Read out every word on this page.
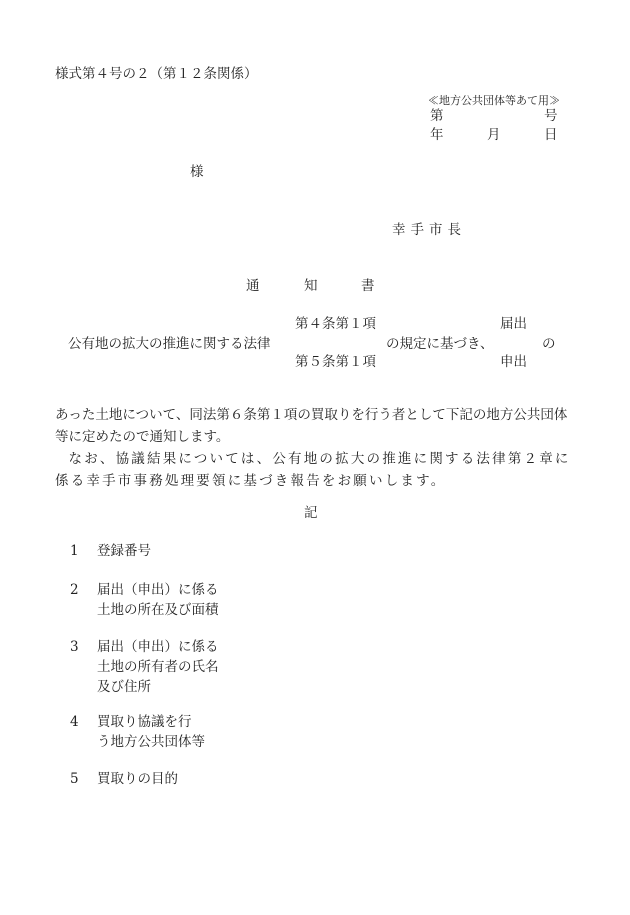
様式第４号の２（第１２条関係）
≪地方公共団体等あて用≫
第	号
年	月	日
様
幸手市長
通	知	書
第４条第１項	届出
公有地の拡大の推進に関する法律	の規定に基づき、	の
第５条第１項	申出

あった土地について、同法第６条第１項の買取りを行う者として下記の地方公共団体等に定めたので通知します。

なお、協議結果については、公有地の拡大の推進に関する法律第２章に係る幸手市事務処理要領に基づき報告をお願いします。

記
1 登録番号
2 届出（申出）に係る
土地の所在及び面積
3 届出（申出）に係る
土地の所有者の氏名
及び住所
4 買取り協議を行
う地方公共団体等
5 買取りの目的
